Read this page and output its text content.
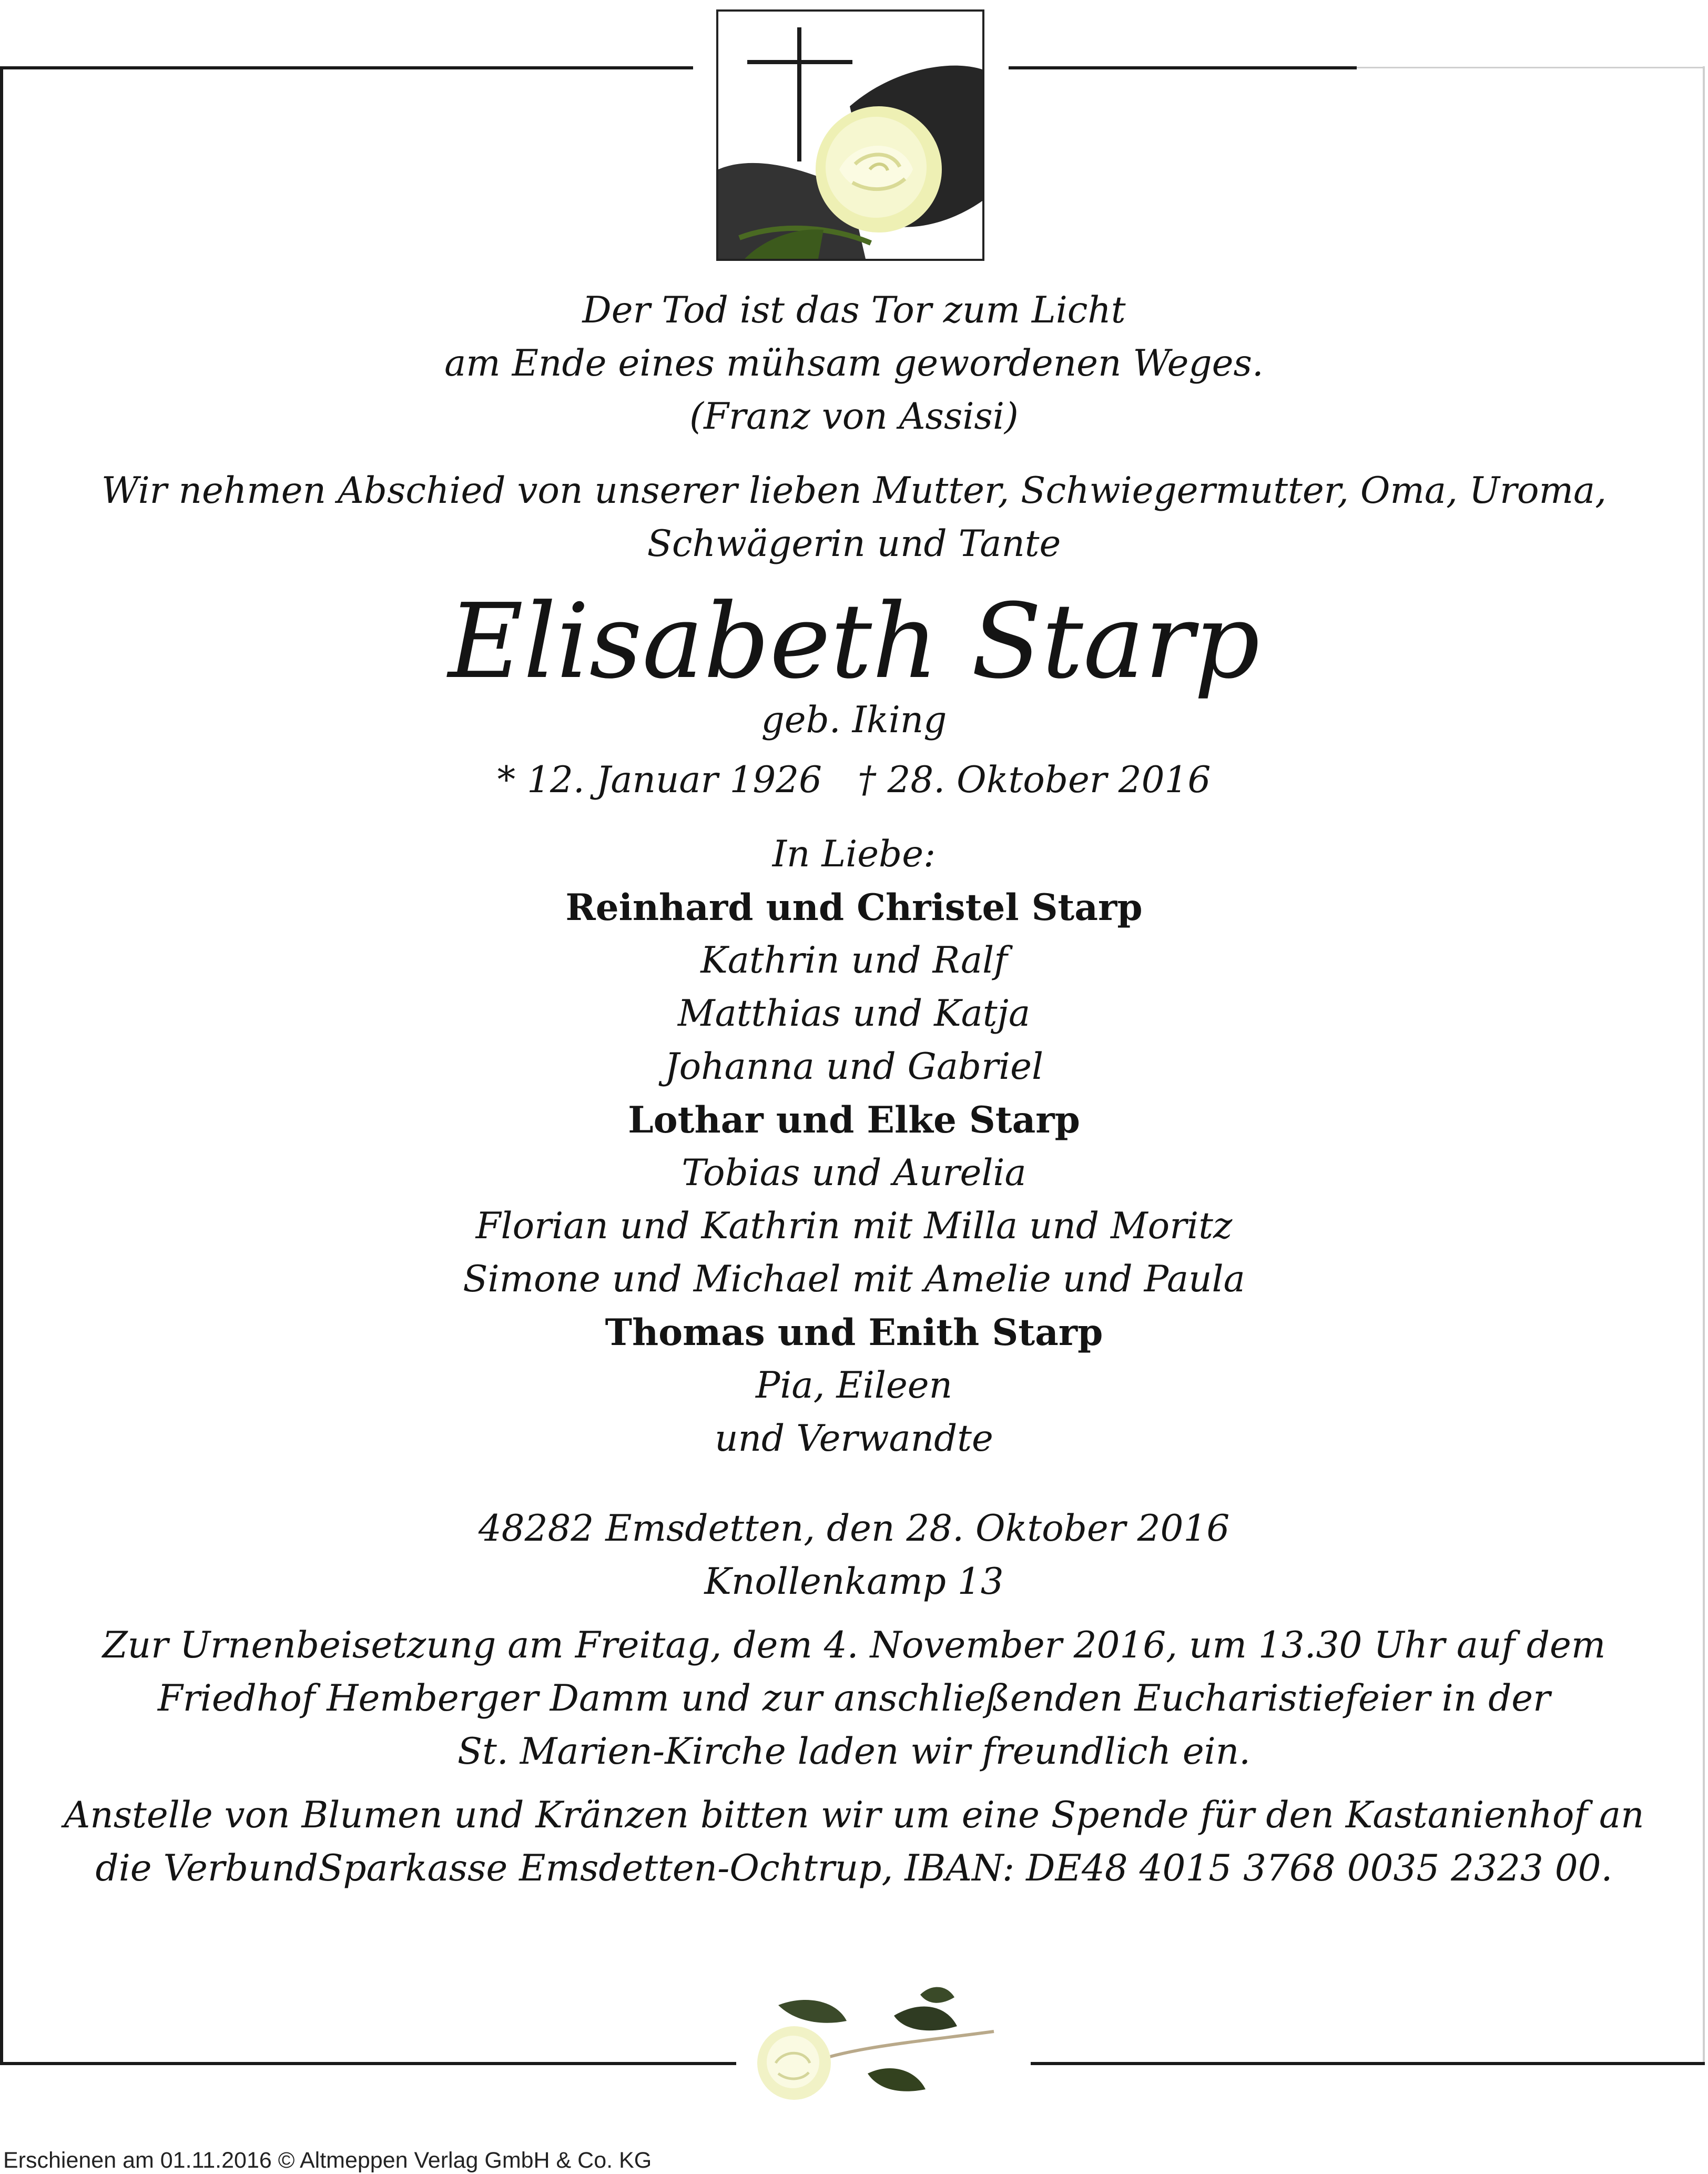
Der Tod ist das Tor zum Licht
am Ende eines mühsam gewordenen Weges.
(Franz von Assisi)
Wir nehmen Abschied von unserer lieben Mutter, Schwiegermutter, Oma, Uroma,
Schwägerin und Tante
Elisabeth Starp
geb. Iking
* 12. Januar 1926 † 28. Oktober 2016
In Liebe:
Reinhard und Christel Starp
Kathrin und Ralf
Matthias und Katja
Johanna und Gabriel
Lothar und Elke Starp
Tobias und Aurelia
Florian und Kathrin mit Milla und Moritz
Simone und Michael mit Amelie und Paula
Thomas und Enith Starp
Pia, Eileen
und Verwandte
48282 Emsdetten, den 28. Oktober 2016
Knollenkamp 13
Zur Urnenbeisetzung am Freitag, dem 4. November 2016, um 13.30 Uhr auf dem
Friedhof Hemberger Damm und zur anschließenden Eucharistiefeier in der
St. Marien-Kirche laden wir freundlich ein.
Anstelle von Blumen und Kränzen bitten wir um eine Spende für den Kastanienhof an
die VerbundSparkasse Emsdetten-Ochtrup, IBAN: DE48 4015 3768 0035 2323 00.
Erschienen am 01.11.2016 © Altmeppen Verlag GmbH & Co. KG
